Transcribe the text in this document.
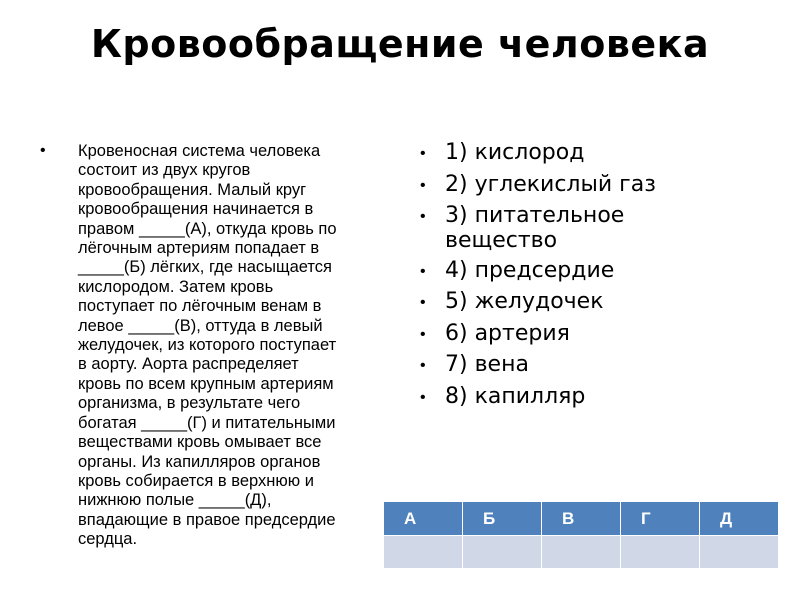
Кровообращение человека
•	Кровеносная система человека
состоит из двух кругов
кровообращения. Малый круг
кровообращения начинается в
правом _____(А), откуда кровь по
лёгочным артериям попадает в
_____(Б) лёгких, где насыщается
кислородом. Затем кровь
поступает по лёгочным венам в
левое _____(В), оттуда в левый
желудочек, из которого поступает
в аорту. Аорта распределяет
кровь по всем крупным артериям
организма, в результате чего
богатая _____(Г) и питательными
веществами кровь омывает все
органы. Из капилляров органов
кровь собирается в верхнюю и
нижнюю полые _____(Д),
впадающие в правое предсердие
сердца.

• 1) кислород
• 2) углекислый газ
• 3) питательное вещество
• 4) предсердие
• 5) желудочек
• 6) артерия
• 7) вена
• 8) капилляр
А	Б	В	Г	Д
